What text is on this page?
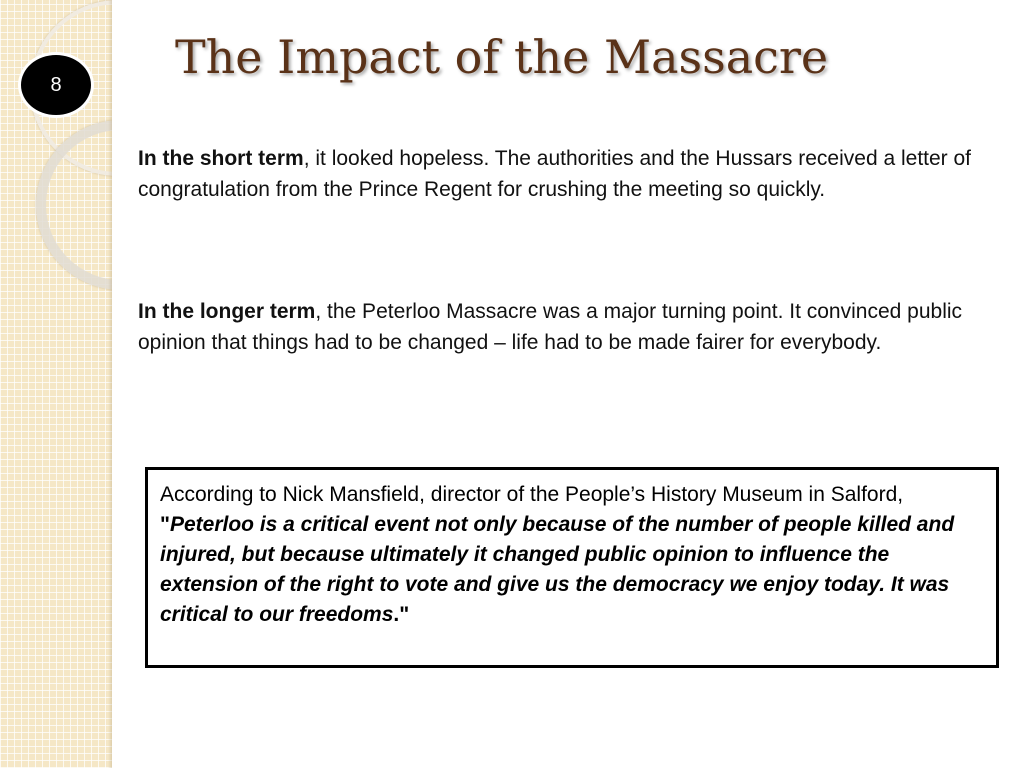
8
The Impact of the Massacre

In the short term, it looked hopeless. The authorities and the Hussars received a letter of congratulation from the Prince Regent for crushing the meeting so quickly.

In the longer term, the Peterloo Massacre was a major turning point. It convinced public opinion that things had to be changed – life had to be made fairer for everybody.

According to Nick Mansfield, director of the People’s History Museum in Salford, "Peterloo is a critical event not only because of the number of people killed and injured, but because ultimately it changed public opinion to influence the extension of the right to vote and give us the democracy we enjoy today. It was critical to our freedoms."
